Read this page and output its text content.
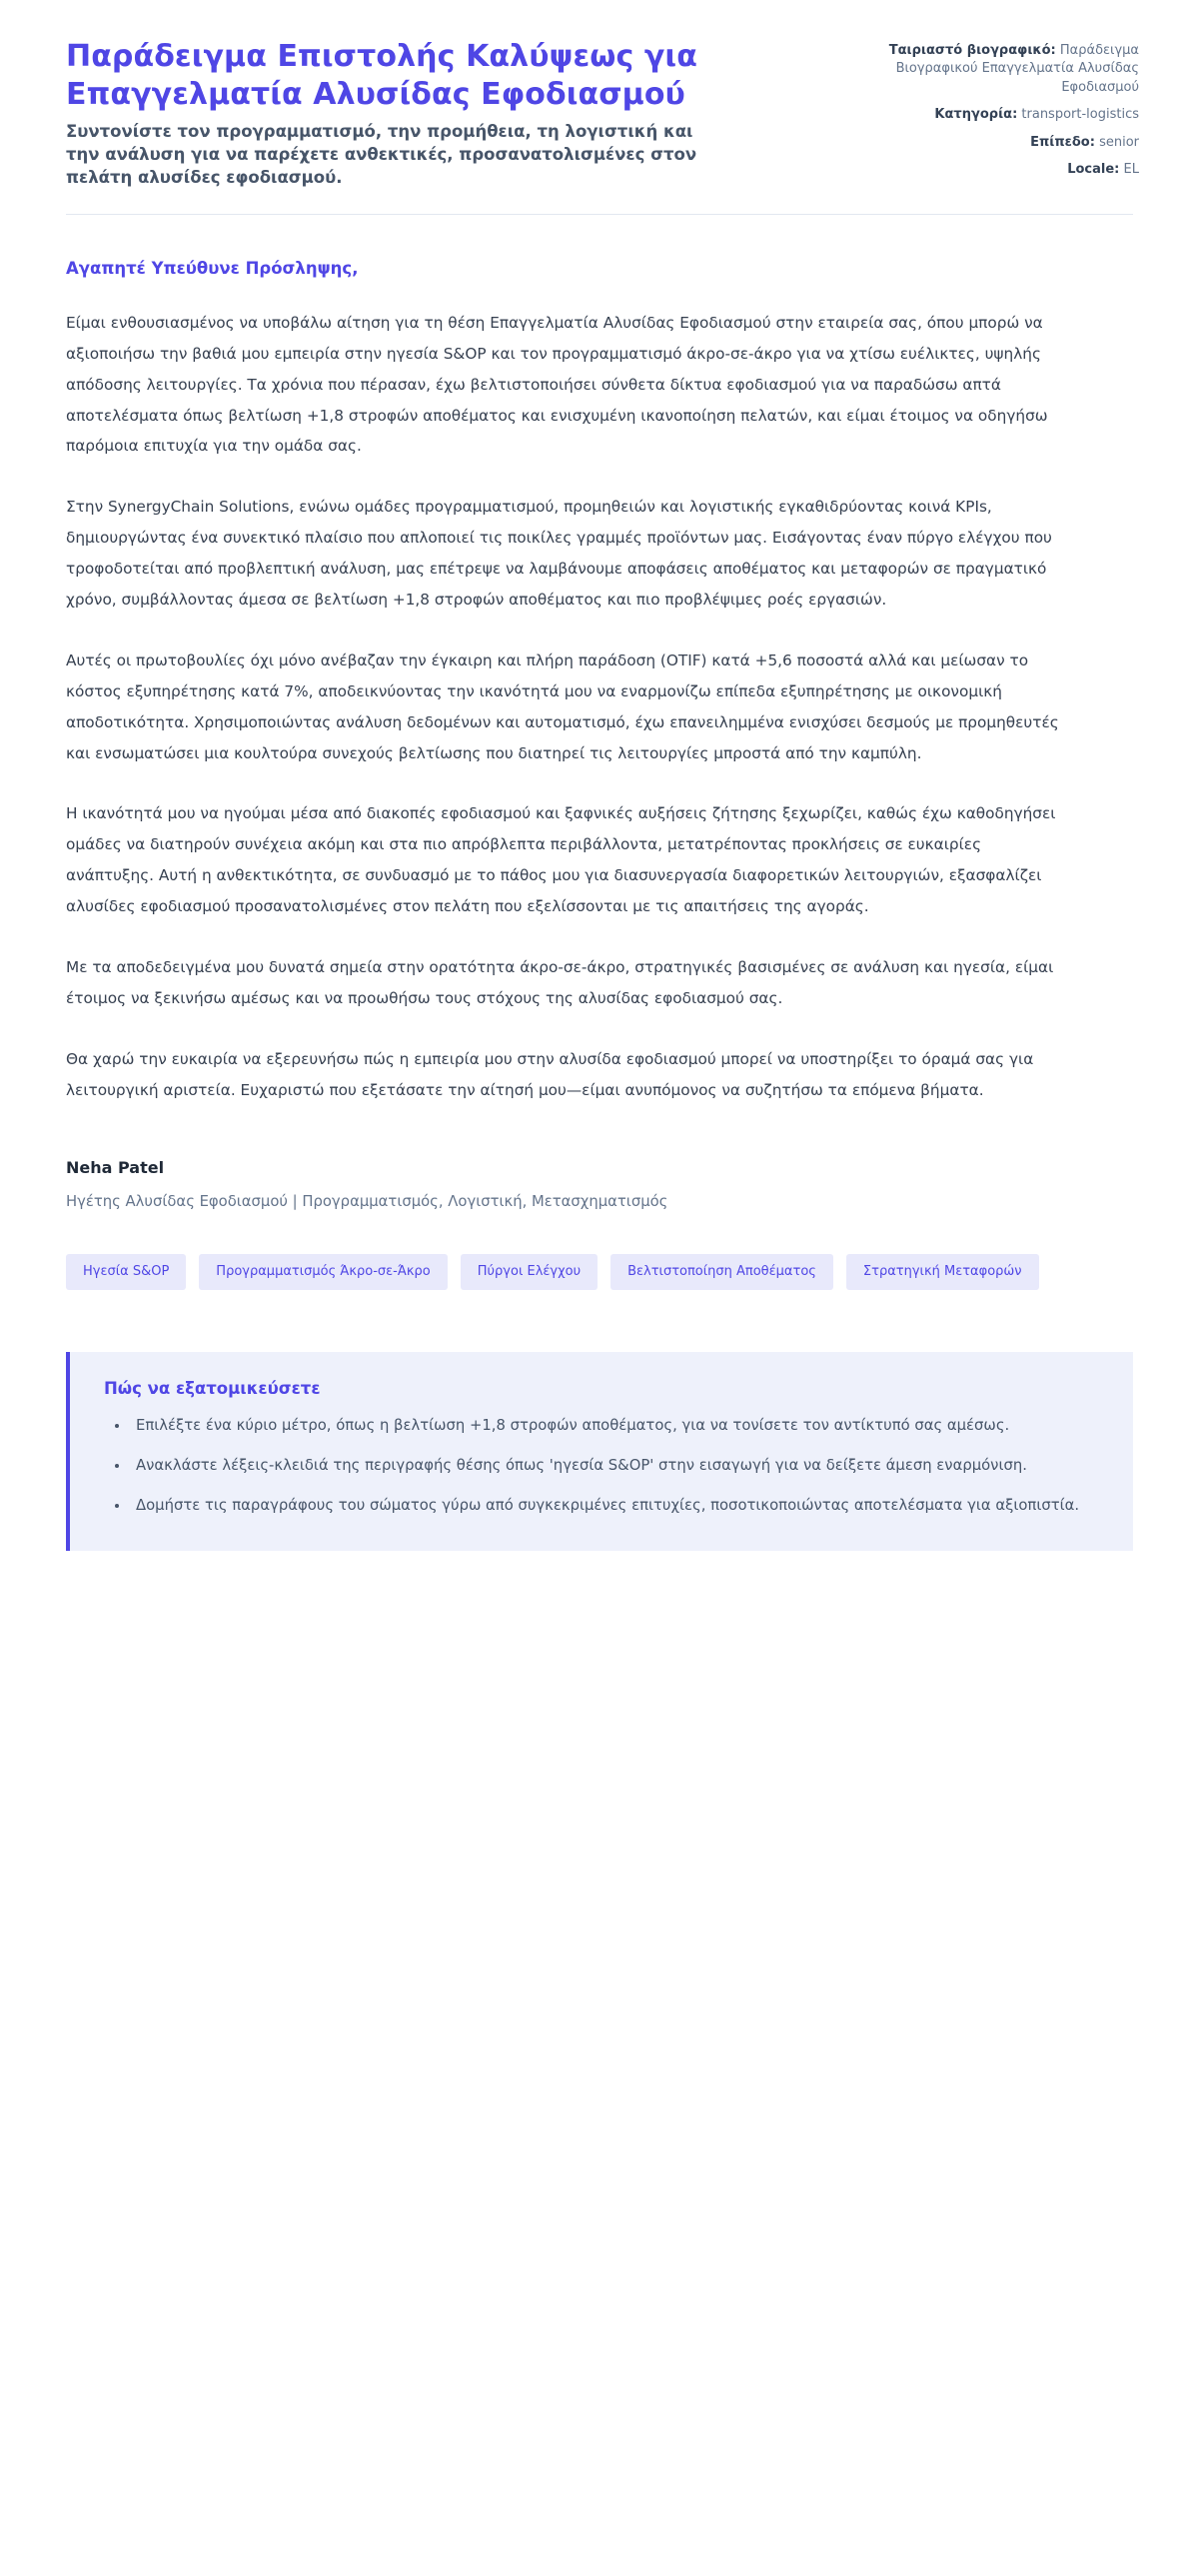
Παράδειγμα Επιστολής Καλύψεως για Επαγγελματία Αλυσίδας Εφοδιασμού

Συντονίστε τον προγραμματισμό, την προμήθεια, τη λογιστική και την ανάλυση για να παρέχετε ανθεκτικές, προσανατολισμένες στον πελάτη αλυσίδες εφοδιασμού.

Ταιριαστό βιογραφικό: Παράδειγμα Βιογραφικού Επαγγελματία Αλυσίδας Εφοδιασμού
Κατηγορία: transport-logistics
Επίπεδο: senior
Locale: EL

Αγαπητέ Υπεύθυνε Πρόσληψης,

Είμαι ενθουσιασμένος να υποβάλω αίτηση για τη θέση Επαγγελματία Αλυσίδας Εφοδιασμού στην εταιρεία σας, όπου μπορώ να αξιοποιήσω την βαθιά μου εμπειρία στην ηγεσία S&OP και τον προγραμματισμό άκρο-σε-άκρο για να χτίσω ευέλικτες, υψηλής απόδοσης λειτουργίες. Τα χρόνια που πέρασαν, έχω βελτιστοποιήσει σύνθετα δίκτυα εφοδιασμού για να παραδώσω απτά αποτελέσματα όπως βελτίωση +1,8 στροφών αποθέματος και ενισχυμένη ικανοποίηση πελατών, και είμαι έτοιμος να οδηγήσω παρόμοια επιτυχία για την ομάδα σας.

Στην SynergyChain Solutions, ενώνω ομάδες προγραμματισμού, προμηθειών και λογιστικής εγκαθιδρύοντας κοινά KPIs, δημιουργώντας ένα συνεκτικό πλαίσιο που απλοποιεί τις ποικίλες γραμμές προϊόντων μας. Εισάγοντας έναν πύργο ελέγχου που τροφοδοτείται από προβλεπτική ανάλυση, μας επέτρεψε να λαμβάνουμε αποφάσεις αποθέματος και μεταφορών σε πραγματικό χρόνο, συμβάλλοντας άμεσα σε βελτίωση +1,8 στροφών αποθέματος και πιο προβλέψιμες ροές εργασιών.

Αυτές οι πρωτοβουλίες όχι μόνο ανέβαζαν την έγκαιρη και πλήρη παράδοση (OTIF) κατά +5,6 ποσοστά αλλά και μείωσαν το κόστος εξυπηρέτησης κατά 7%, αποδεικνύοντας την ικανότητά μου να εναρμονίζω επίπεδα εξυπηρέτησης με οικονομική αποδοτικότητα. Χρησιμοποιώντας ανάλυση δεδομένων και αυτοματισμό, έχω επανειλημμένα ενισχύσει δεσμούς με προμηθευτές και ενσωματώσει μια κουλτούρα συνεχούς βελτίωσης που διατηρεί τις λειτουργίες μπροστά από την καμπύλη.

Η ικανότητά μου να ηγούμαι μέσα από διακοπές εφοδιασμού και ξαφνικές αυξήσεις ζήτησης ξεχωρίζει, καθώς έχω καθοδηγήσει ομάδες να διατηρούν συνέχεια ακόμη και στα πιο απρόβλεπτα περιβάλλοντα, μετατρέποντας προκλήσεις σε ευκαιρίες ανάπτυξης. Αυτή η ανθεκτικότητα, σε συνδυασμό με το πάθος μου για διασυνεργασία διαφορετικών λειτουργιών, εξασφαλίζει αλυσίδες εφοδιασμού προσανατολισμένες στον πελάτη που εξελίσσονται με τις απαιτήσεις της αγοράς.

Με τα αποδεδειγμένα μου δυνατά σημεία στην ορατότητα άκρο-σε-άκρο, στρατηγικές βασισμένες σε ανάλυση και ηγεσία, είμαι έτοιμος να ξεκινήσω αμέσως και να προωθήσω τους στόχους της αλυσίδας εφοδιασμού σας.

Θα χαρώ την ευκαιρία να εξερευνήσω πώς η εμπειρία μου στην αλυσίδα εφοδιασμού μπορεί να υποστηρίξει το όραμά σας για λειτουργική αριστεία. Ευχαριστώ που εξετάσατε την αίτησή μου—είμαι ανυπόμονος να συζητήσω τα επόμενα βήματα.

Neha Patel

Ηγέτης Αλυσίδας Εφοδιασμού | Προγραμματισμός, Λογιστική, Μετασχηματισμός

Ηγεσία S&OP	Προγραμματισμός Άκρο-σε-Άκρο	Πύργοι Ελέγχου	Βελτιστοποίηση Αποθέματος	Στρατηγική Μεταφορών

Πώς να εξατομικεύσετε

• Επιλέξτε ένα κύριο μέτρο, όπως η βελτίωση +1,8 στροφών αποθέματος, για να τονίσετε τον αντίκτυπό σας αμέσως.
• Ανακλάστε λέξεις-κλειδιά της περιγραφής θέσης όπως 'ηγεσία S&OP' στην εισαγωγή για να δείξετε άμεση εναρμόνιση.
• Δομήστε τις παραγράφους του σώματος γύρω από συγκεκριμένες επιτυχίες, ποσοτικοποιώντας αποτελέσματα για αξιοπιστία.
